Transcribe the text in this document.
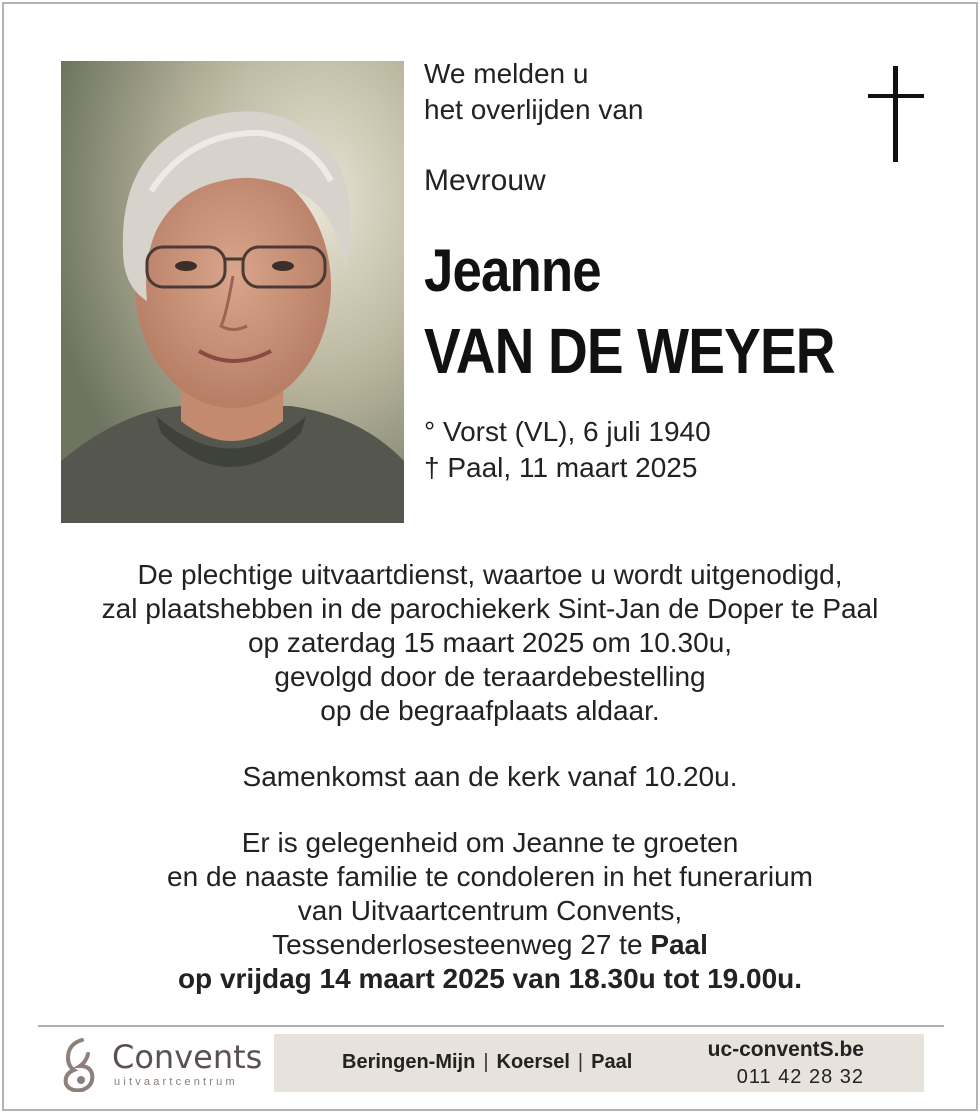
We melden u
het overlijden van
Mevrouw
Jeanne
VAN DE WEYER
° Vorst (VL), 6 juli 1940
† Paal, 11 maart 2025

De plechtige uitvaartdienst, waartoe u wordt uitgenodigd,

zal plaatshebben in de parochiekerk Sint-Jan de Doper te Paal

op zaterdag 15 maart 2025 om 10.30u,

gevolgd door de teraardebestelling

op de begraafplaats aldaar.

Samenkomst aan de kerk vanaf 10.20u.

Er is gelegenheid om Jeanne te groeten

en de naaste familie te condoleren in het funerarium

van Uitvaartcentrum Convents,

Tessenderlosesteenweg 27 te Paal

op vrijdag 14 maart 2025 van 18.30u tot 19.00u.

Convents
uitvaartcentrum
Beringen-Mijn | Koersel | Paal
uc-conventS.be
011 42 28 32
